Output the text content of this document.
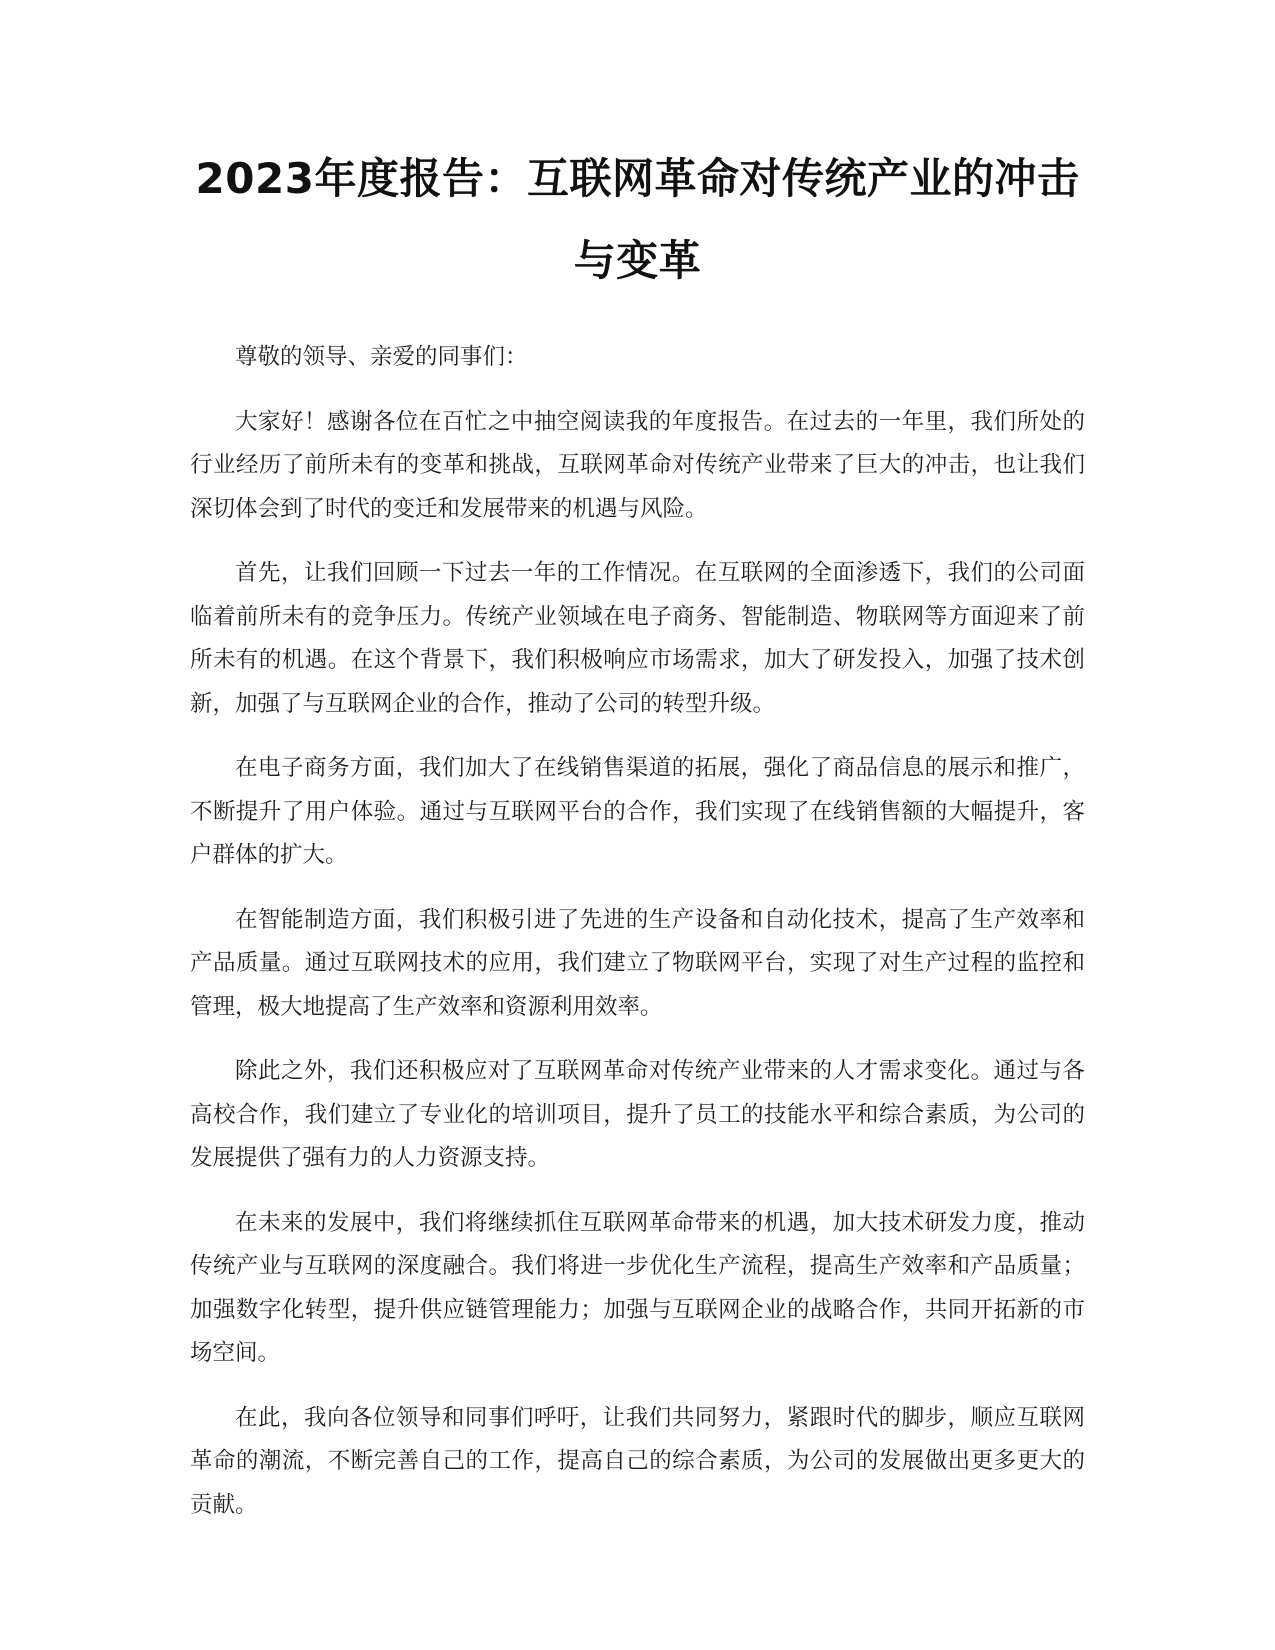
2023年度报告：互联网革命对传统产业的冲击与变革

尊敬的领导、亲爱的同事们：

大家好！感谢各位在百忙之中抽空阅读我的年度报告。在过去的一年里，我们所处的行业经历了前所未有的变革和挑战，互联网革命对传统产业带来了巨大的冲击，也让我们深切体会到了时代的变迁和发展带来的机遇与风险。

首先，让我们回顾一下过去一年的工作情况。在互联网的全面渗透下，我们的公司面临着前所未有的竞争压力。传统产业领域在电子商务、智能制造、物联网等方面迎来了前所未有的机遇。在这个背景下，我们积极响应市场需求，加大了研发投入，加强了技术创新，加强了与互联网企业的合作，推动了公司的转型升级。

在电子商务方面，我们加大了在线销售渠道的拓展，强化了商品信息的展示和推广，不断提升了用户体验。通过与互联网平台的合作，我们实现了在线销售额的大幅提升，客户群体的扩大。

在智能制造方面，我们积极引进了先进的生产设备和自动化技术，提高了生产效率和产品质量。通过互联网技术的应用，我们建立了物联网平台，实现了对生产过程的监控和管理，极大地提高了生产效率和资源利用效率。

除此之外，我们还积极应对了互联网革命对传统产业带来的人才需求变化。通过与各高校合作，我们建立了专业化的培训项目，提升了员工的技能水平和综合素质，为公司的发展提供了强有力的人力资源支持。

在未来的发展中，我们将继续抓住互联网革命带来的机遇，加大技术研发力度，推动传统产业与互联网的深度融合。我们将进一步优化生产流程，提高生产效率和产品质量；加强数字化转型，提升供应链管理能力；加强与互联网企业的战略合作，共同开拓新的市场空间。

在此，我向各位领导和同事们呼吁，让我们共同努力，紧跟时代的脚步，顺应互联网革命的潮流，不断完善自己的工作，提高自己的综合素质，为公司的发展做出更多更大的贡献。
